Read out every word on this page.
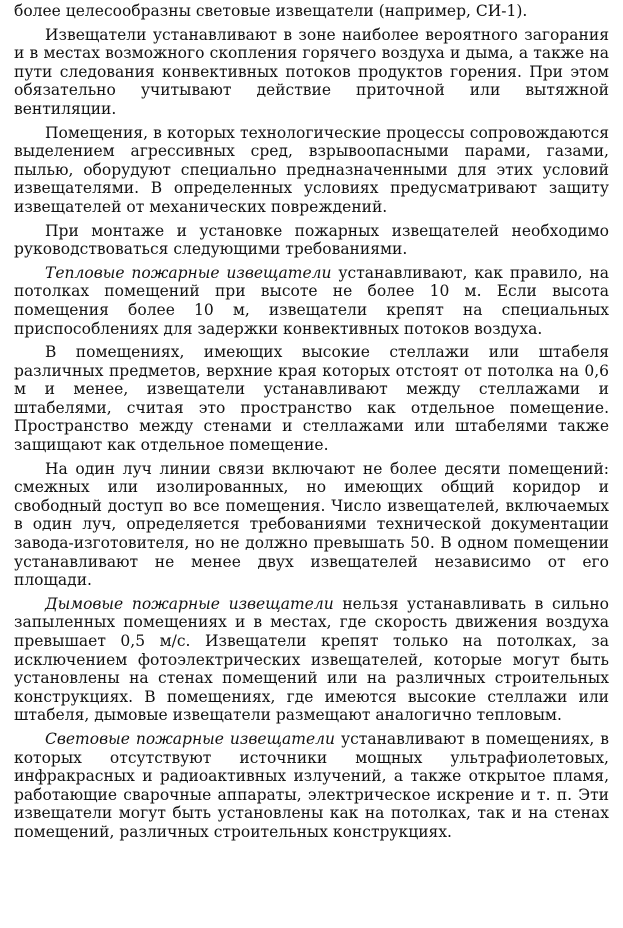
более целесообразны световые извещатели (например, СИ-1).

Извещатели устанавливают в зоне наиболее вероятного загорания и в местах возможного скопления горячего воздуха и дыма, а также на пути следования конвективных потоков продуктов горения. При этом обязательно учитывают действие приточной или вытяжной вентиляции.

Помещения, в которых технологические процессы сопровождаются выделением агрессивных сред, взрывоопасными парами, газами, пылью, оборудуют специально предназначенными для этих условий извещателями. В определенных условиях предусматривают защиту извещателей от механических повреждений.

При монтаже и установке пожарных извещателей необходимо руководствоваться следующими требованиями.

Тепловые пожарные извещатели устанавливают, как правило, на потолках помещений при высоте не более 10 м. Если высота помещения более 10 м, извещатели крепят на специальных приспособлениях для задержки конвективных потоков воздуха.

В помещениях, имеющих высокие стеллажи или штабеля различных предметов, верхние края которых отстоят от потолка на 0,6 м и менее, извещатели устанавливают между стеллажами и штабелями, считая это пространство как отдельное помещение. Пространство между стенами и стеллажами или штабелями также защищают как отдельное помещение.

На один луч линии связи включают не более десяти помещений: смежных или изолированных, но имеющих общий коридор и свободный доступ во все помещения. Число извещателей, включаемых в один луч, определяется требованиями технической документации завода-изготовителя, но не должно превышать 50. В одном помещении устанавливают не менее двух извещателей независимо от его площади.

Дымовые пожарные извещатели нельзя устанавливать в сильно запыленных помещениях и в местах, где скорость движения воздуха превышает 0,5 м/с. Извещатели крепят только на потолках, за исключением фотоэлектрических извещателей, которые могут быть установлены на стенах помещений или на различных строительных конструкциях. В помещениях, где имеются высокие стеллажи или штабеля, дымовые извещатели размещают аналогично тепловым.

Световые пожарные извещатели устанавливают в помещениях, в которых отсутствуют источники мощных ультрафиолетовых, инфракрасных и радиоактивных излучений, а также открытое пламя, работающие сварочные аппараты, электрическое искрение и т. п. Эти извещатели могут быть установлены как на потолках, так и на стенах помещений, различных строительных конструкциях.
